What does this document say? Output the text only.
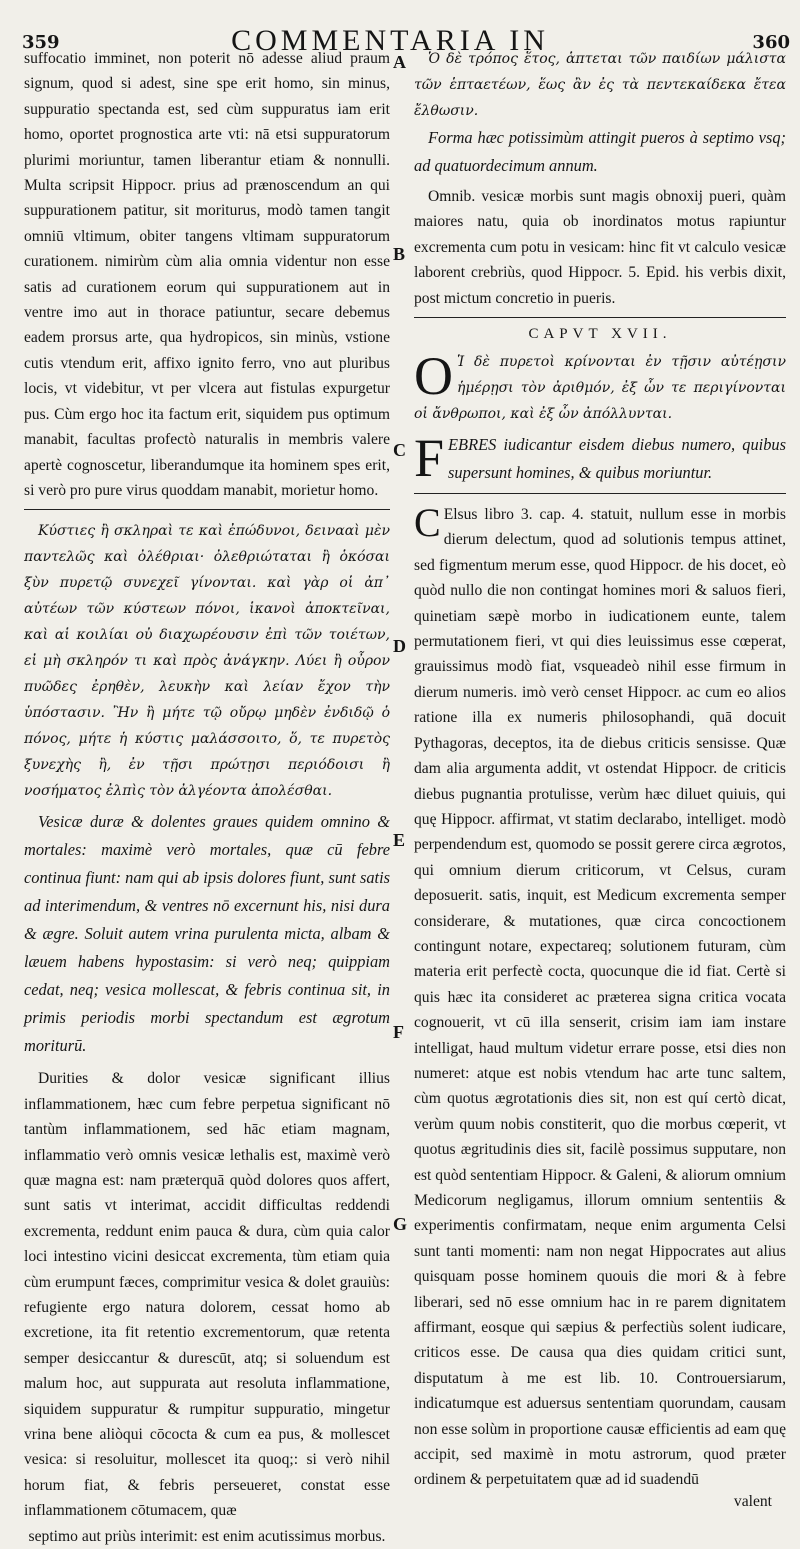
359	COMMENTARIA IN	360
A
B
C
D
E
F
G

suffocatio imminet, non poterit nō adesse aliud praum signum, quod si adest, sine spe erit homo, sin minus, suppuratio spectanda est, sed cùm suppuratus iam erit homo, oportet prognostica arte vti: nā etsi suppuratorum plurimi moriuntur, tamen liberantur etiam & nonnulli. Multa scripsit Hippocr. prius ad prænoscendum an qui suppurationem patitur, sit moriturus, modò tamen tangit omniū vltimum, obiter tangens vltimam suppuratorum curationem. nimirùm cùm alia omnia videntur non esse satis ad curationem eorum qui suppurationem aut in ventre imo aut in thorace patiuntur, secare debemus eadem prorsus arte, qua hydropicos, sin minùs, vstione cutis vtendum erit, affixo ignito ferro, vno aut pluribus locis, vt videbitur, vt per vlcera aut fistulas expurgetur pus. Cùm ergo hoc ita factum erit, siquidem pus optimum manabit, facultas profectò naturalis in membris valere apertè cognoscetur, liberandumque ita hominem spes erit, si verò pro pure virus quoddam manabit, morietur homo.

Κύστιες ἢ σκληραὶ τε καὶ ἐπώδυνοι, δεινααὶ μὲν παντελῶς καὶ ὀλέθριαι· ὀλεθριώταται ἢ ὁκόσαι ξὺν πυρετῷ συνεχεῖ γίνονται. καὶ γὰρ οἱ ἀπ᾽ αὐτέων τῶν κύστεων πόνοι, ἱκανοὶ ἀποκτεῖναι, καὶ αἱ κοιλίαι οὐ διαχωρέουσιν ἐπὶ τῶν τοιέτων, εἰ μὴ σκληρόν τι καὶ πρὸς ἀνάγκην. Λύει ἢ οὖρον πυῶδες ἐρηθὲν, λευκὴν καὶ λείαν ἔχον τὴν ὑπόστασιν. Ἢν ἢ μήτε τῷ οὔρῳ μηδὲν ἐνδιδῷ ὁ πόνος, μήτε ἡ κύστις μαλάσσοιτο, ὅ, τε πυρετὸς ξυνεχὴς ἢ, ἐν τῇσι πρώτῃσι περιόδοισι ἢ νοσήματος ἐλπὶς τὸν ἀλγέοντα ἀπολέσθαι.

Vesicæ duræ & dolentes graues quidem omnino & mortales: maximè verò mortales, quæ cū febre continua fiunt: nam qui ab ipsis dolores fiunt, sunt satis ad interimendum, & ventres nō excernunt his, nisi dura & ægre. Soluit autem vrina purulenta micta, albam & læuem habens hypostasim: si verò neq; quippiam cedat, neq; vesica mollescat, & febris continua sit, in primis periodis morbi spectandum est ægrotum moriturū.

Durities & dolor vesicæ significant illius inflammationem, hæc cum febre perpetua significant nō tantùm inflammationem, sed hāc etiam magnam, inflammatio verò omnis vesicæ lethalis est, maximè verò quæ magna est: nam præterquā quòd dolores quos affert, sunt satis vt interimat, accidit difficultas reddendi excrementa, reddunt enim pauca & dura, cùm quia calor loci intestino vicini desiccat excrementa, tùm etiam quia cùm erumpunt fæces, comprimitur vesica & dolet grauiùs: refugiente ergo natura dolorem, cessat homo ab excretione, ita fit retentio excrementorum, quæ retenta semper desiccantur & durescūt, atq; si soluendum est malum hoc, aut suppurata aut resoluta inflammatione, siquidem suppuratur & rumpitur suppuratio, mingetur vrina bene aliòqui cōcocta & cum ea pus, & mollescet vesica: si resoluitur, mollescet ita quoq;: si verò nihil horum fiat, & febris perseueret, constat esse inflammationem cōtumacem, quæ

septimo aut priùs interimit: est enim acutissimus morbus.

Ὁ δὲ τρόπος ἕτος, ἁπτεται τῶν παιδίων μάλιστα τῶν ἑπταετέων, ἕως ἂν ἐς τὰ πεντεκαίδεκα ἔτεα ἔλθωσιν.

Forma hæc potissimùm attingit pueros à septimo vsq; ad quatuordecimum annum.

Omnib. vesicæ morbis sunt magis obnoxij pueri, quàm maiores natu, quia ob inordinatos motus rapiuntur excrementa cum potu in vesicam: hinc fit vt calculo vesicæ laborent crebriùs, quod Hippocr. 5. Epid. his verbis dixit, post mictum concretio in pueris.

CAPVT XVII.
Ο Ἱ δὲ πυρετοὶ κρίνονται ἐν τῇσιν αὐτέῃσιν ἡμέρῃσι τὸν ἀριθμόν, ἐξ ὧν τε περιγίνονται οἱ ἄνθρωποι, καὶ ἐξ ὧν ἀπόλλυνται.

F EBRES iudicantur eisdem diebus numero, quibus supersunt homines, & quibus moriuntur.

C Elsus libro 3. cap. 4. statuit, nullum esse in morbis dierum delectum, quod ad solutionis tempus attinet, sed figmentum merum esse, quod Hippocr. de his docet, eò quòd nullo die non contingat homines mori & saluos fieri, quinetiam sæpè morbo in iudicationem eunte, talem permutationem fieri, vt qui dies leuissimus esse cœperat, grauissimus modò fiat, vsqueadeò nihil esse firmum in dierum numeris. imò verò censet Hippocr. ac cum eo alios ratione illa ex numeris philosophandi, quā docuit Pythagoras, deceptos, ita de diebus criticis sensisse. Quæ dam alia argumenta addit, vt ostendat Hippocr. de criticis diebus pugnantia protulisse, verùm hæc diluet quiuis, qui quę Hippocr. affirmat, vt statim declarabo, intelliget. modò perpendendum est, quomodo se possit gerere circa ægrotos, qui omnium dierum criticorum, vt Celsus, curam deposuerit. satis, inquit, est Medicum excrementa semper considerare, & mutationes, quæ circa concoctionem contingunt notare, expectareq; solutionem futuram, cùm materia erit perfectè cocta, quocunque die id fiat. Certè si quis hæc ita consideret ac præterea signa critica vocata cognouerit, vt cū illa senserit, crisim iam iam instare intelligat, haud multum videtur errare posse, etsi dies non numeret: atque est nobis vtendum hac arte tunc saltem, cùm quotus ægrotationis dies sit, non est quí certò dicat, verùm quum nobis constiterit, quo die morbus cœperit, vt quotus ægritudinis dies sit, facilè possimus supputare, non est quòd sententiam Hippocr. & Galeni, & aliorum omnium Medicorum negligamus, illorum omnium sententiis & experimentis confirmatam, neque enim argumenta Celsi sunt tanti momenti: nam non negat Hippocrates aut alius quisquam posse hominem quouis die mori & à febre liberari, sed nō esse omnium hac in re parem dignitatem affirmant, eosque qui sæpius & perfectiùs solent iudicare, criticos esse. De causa qua dies quidam critici sunt, disputatum à me est lib. 10. Controuersiarum, indicatumque est aduersus sententiam quorundam, causam non esse solùm in proportione causæ efficientis ad eam quę accipit, sed maximè in motu astrorum, quod præter ordinem & perpetuitatem quæ ad id suadendū

valent
